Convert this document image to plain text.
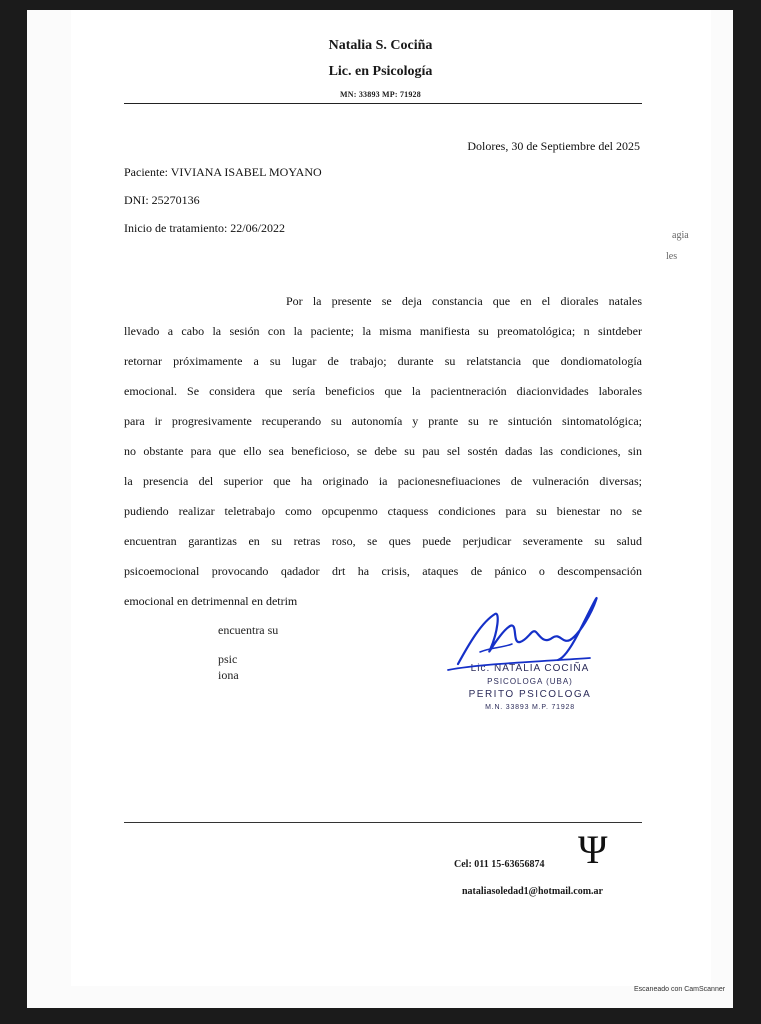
Natalia S. Cociña
Lic. en Psicología
MN: 33893 MP: 71928
Dolores, 30 de Septiembre del 2025
Paciente: VIVIANA ISABEL MOYANO
DNI: 25270136
Inicio de tratamiento: 22/06/2022
agia
les

Por la presente se deja constancia que en el diorales natales

llevado a cabo la sesión con la paciente; la misma manifiesta su preomatológica; n sintdeber

retornar próximamente a su lugar de trabajo; durante su relatstancia que dondiomatología

emocional. Se considera que sería beneficios que la pacientneración diacionvidades laborales

para ir progresivamente recuperando su autonomía y prante su re sintución sintomatológica;

no obstante para que ello sea beneficioso, se debe su pau sel sostén dadas las condiciones, sin

la presencia del superior que ha originado ia pacionesnefiuaciones de vulneración diversas;

pudiendo realizar teletrabajo como opcupenmo ctaquess condiciones para su bienestar no se

encuentran garantizas en su retras roso, se ques puede perjudicar severamente su salud

psicoemocional provocando qadador drt ha crisis, ataques de pánico o descompensación

emocional en detrimennal en detrim

encuentra su
psic
iona	Lic. NATALIA COCIÑA
PSICOLOGA (UBA)
PERITO PSICOLOGA
M.N. 33893 M.P. 71928
Ψ
Cel: 011 15-63656874
nataliasoledad1@hotmail.com.ar
Escaneado con CamScanner
